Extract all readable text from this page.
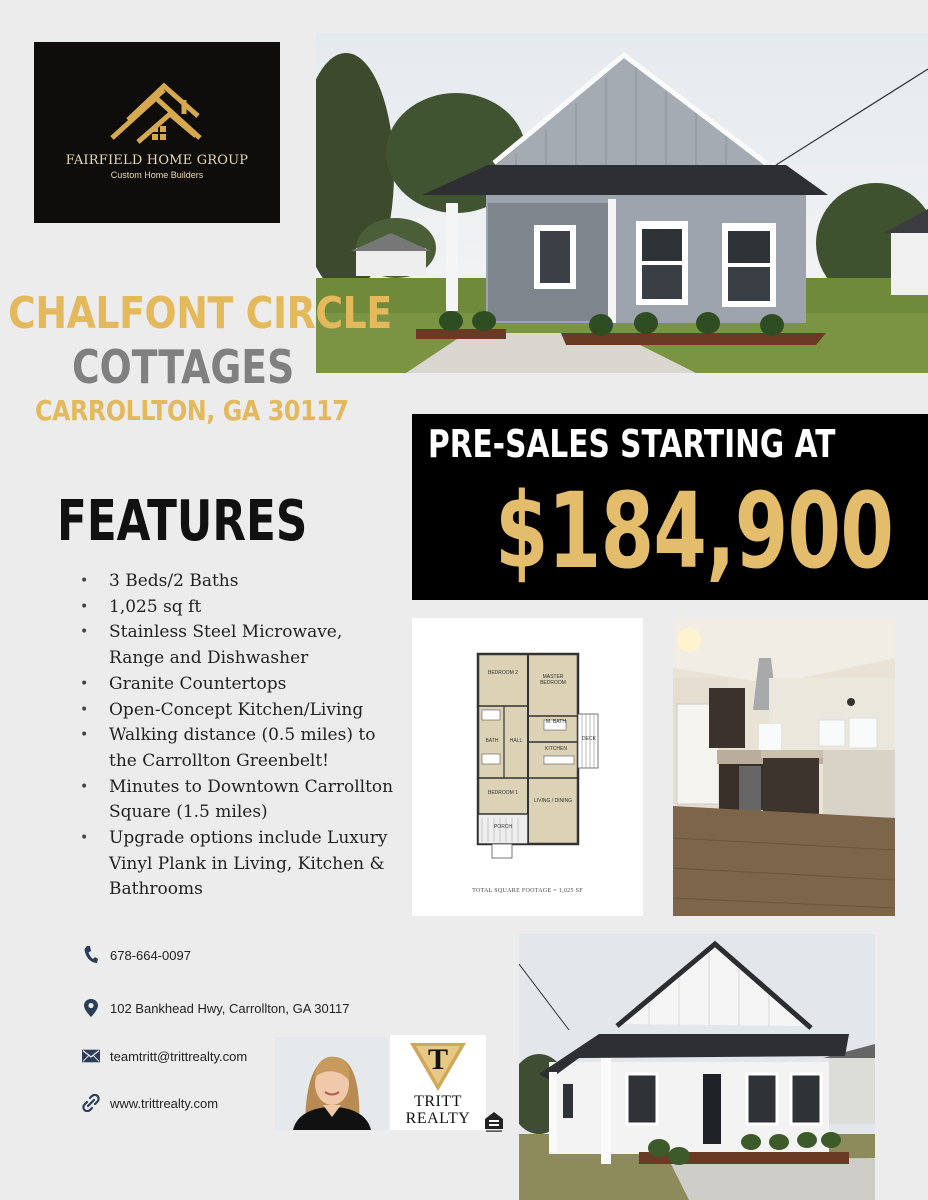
FAIRFIELD HOME GROUP
Custom Home Builders
CHALFONT CIRCLE
COTTAGES
CARROLLTON, GA 30117
PRE-SALES STARTING AT
$184,900
FEATURES
• 3 Beds/2 Baths
• 1,025 sq ft
• Stainless Steel Microwave, Range and Dishwasher
• Granite Countertops
• Open-Concept Kitchen/Living
• Walking distance (0.5 miles) to the Carrollton Greenbelt!
• Minutes to Downtown Carrollton Square (1.5 miles)
• Upgrade options include Luxury Vinyl Plank in Living, Kitchen & Bathrooms
BEDROOM 2
MASTER BEDROOM
BATH	HALL
M. BATH
KITCHEN
DECK
BEDROOM 1
LIVING / DINING
PORCH
TOTAL SQUARE FOOTAGE = 1,025 SF
678-664-0097
102 Bankhead Hwy, Carrollton, GA 30117
teamtritt@trittrealty.com
www.trittrealty.com
T
TRITT
REALTY
